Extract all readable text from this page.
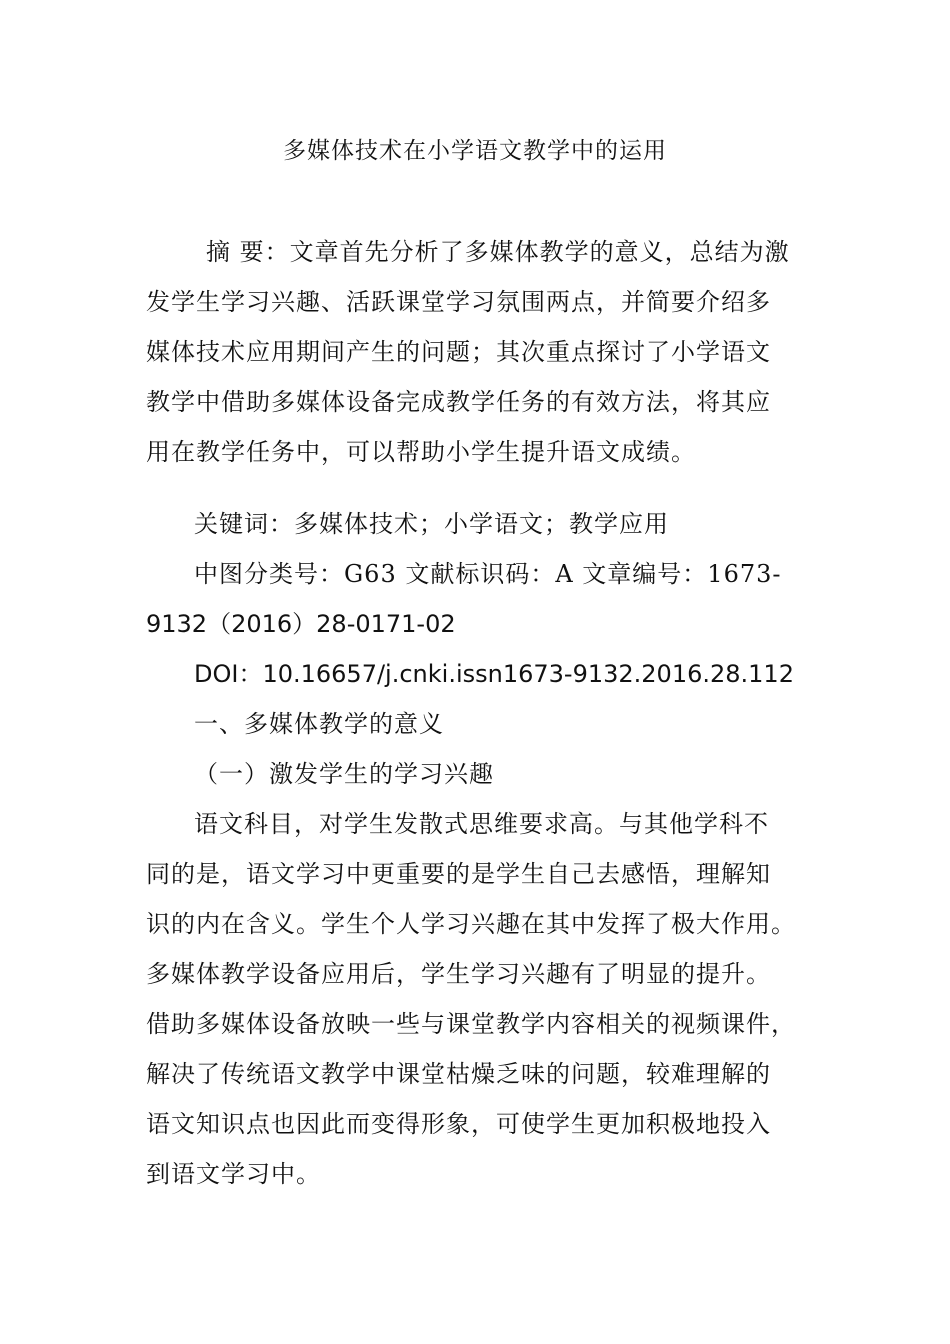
多媒体技术在小学语文教学中的运用
摘 要：文章首先分析了多媒体教学的意义，总结为激
发学生学习兴趣、活跃课堂学习氛围两点，并简要介绍多
媒体技术应用期间产生的问题；其次重点探讨了小学语文
教学中借助多媒体设备完成教学任务的有效方法，将其应
用在教学任务中，可以帮助小学生提升语文成绩。
关键词：多媒体技术；小学语文；教学应用
中图分类号：G63 文献标识码：A 文章编号：1673-
9132（2016）28-0171-02
DOI：10.16657/j.cnki.issn1673-9132.2016.28.112
一、多媒体教学的意义
（一）激发学生的学习兴趣
语文科目，对学生发散式思维要求高。与其他学科不
同的是，语文学习中更重要的是学生自己去感悟，理解知
识的内在含义。学生个人学习兴趣在其中发挥了极大作用。
多媒体教学设备应用后，学生学习兴趣有了明显的提升。
借助多媒体设备放映一些与课堂教学内容相关的视频课件，
解决了传统语文教学中课堂枯燥乏味的问题，较难理解的
语文知识点也因此而变得形象，可使学生更加积极地投入
到语文学习中。
